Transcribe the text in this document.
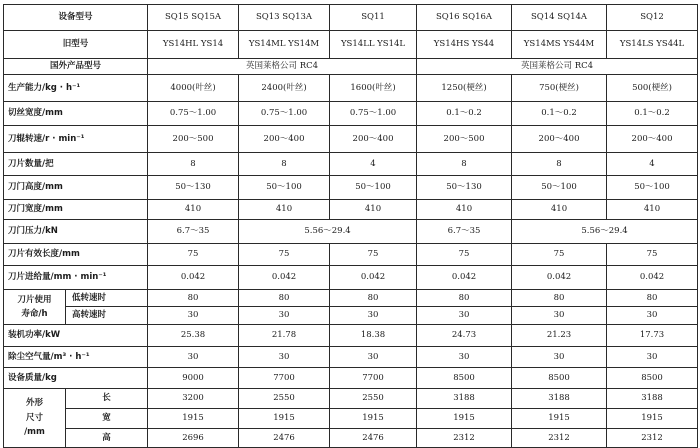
设备型号		SQ15 SQ15A	SQ13 SQ13A	SQ11	SQ16 SQ16A	SQ14 SQ14A	SQ12
旧型号		YS14HL YS14	YS14ML YS14M	YS14LL YS14L	YS14HS YS44	YS14MS YS44M	YS14LS YS44L
国外产品型号		英国莱格公司 RC4			英国莱格公司 RC4		
生产能力/kg · h⁻¹		4000(叶丝)	2400(叶丝)	1600(叶丝)	1250(梗丝)	750(梗丝)	500(梗丝)
切丝宽度/mm		0.75～1.00	0.75～1.00	0.75～1.00	0.1～0.2	0.1～0.2	0.1～0.2
刀辊转速/r · min⁻¹		200～500	200～400	200～400	200～500	200～400	200～400
刀片数量/把		8	8	4	8	8	4
刀门高度/mm		50～130	50～100	50～100	50～130	50～100	50～100
刀门宽度/mm		410	410	410	410	410	410
刀门压力/kN		6.7～35	5.56～29.4		6.7～35	5.56～29.4	
刀片有效长度/mm		75	75	75	75	75	75
刀片进给量/mm · min⁻¹		0.042	0.042	0.042	0.042	0.042	0.042
刀片使用
寿命/h	低转速时	80	80	80	80	80	80
	高转速时	30	30	30	30	30	30
装机功率/kW		25.38	21.78	18.38	24.73	21.23	17.73
除尘空气量/m³ · h⁻¹		30	30	30	30	30	30
设备质量/kg		9000	7700	7700	8500	8500	8500
外形
尺寸
/mm	长	3200	2550	2550	3188	3188	3188
	宽	1915	1915	1915	1915	1915	1915
	高	2696	2476	2476	2312	2312	2312
